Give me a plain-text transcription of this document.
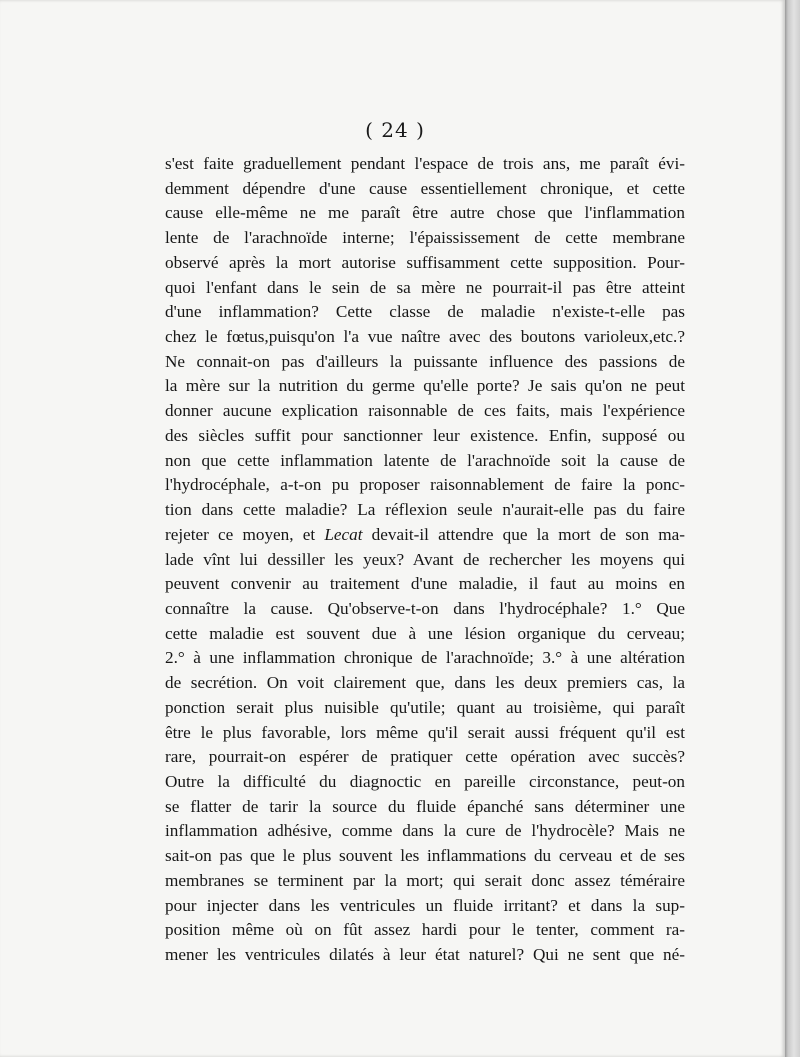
( 24 )
s'est faite graduellement pendant l'espace de trois ans, me paraît évi-
demment dépendre d'une cause essentiellement chronique, et cette
cause elle-même ne me paraît être autre chose que l'inflammation
lente de l'arachnoïde interne; l'épaississement de cette membrane
observé après la mort autorise suffisamment cette supposition. Pour-
quoi l'enfant dans le sein de sa mère ne pourrait-il pas être atteint
d'une inflammation? Cette classe de maladie n'existe-t-elle pas
chez le fœtus,puisqu'on l'a vue naître avec des boutons varioleux,etc.?
Ne connait-on pas d'ailleurs la puissante influence des passions de
la mère sur la nutrition du germe qu'elle porte? Je sais qu'on ne peut
donner aucune explication raisonnable de ces faits, mais l'expérience
des siècles suffit pour sanctionner leur existence. Enfin, supposé ou
non que cette inflammation latente de l'arachnoïde soit la cause de
l'hydrocéphale, a-t-on pu proposer raisonnablement de faire la ponc-
tion dans cette maladie? La réflexion seule n'aurait-elle pas du faire
rejeter ce moyen, et Lecat devait-il attendre que la mort de son ma-
lade vînt lui dessiller les yeux? Avant de rechercher les moyens qui
peuvent convenir au traitement d'une maladie, il faut au moins en
connaître la cause. Qu'observe-t-on dans l'hydrocéphale? 1.° Que
cette maladie est souvent due à une lésion organique du cerveau;
2.° à une inflammation chronique de l'arachnoïde; 3.° à une altération
de secrétion. On voit clairement que, dans les deux premiers cas, la
ponction serait plus nuisible qu'utile; quant au troisième, qui paraît
être le plus favorable, lors même qu'il serait aussi fréquent qu'il est
rare, pourrait-on espérer de pratiquer cette opération avec succès?
Outre la difficulté du diagnoctic en pareille circonstance, peut-on
se flatter de tarir la source du fluide épanché sans déterminer une
inflammation adhésive, comme dans la cure de l'hydrocèle? Mais ne
sait-on pas que le plus souvent les inflammations du cerveau et de ses
membranes se terminent par la mort; qui serait donc assez téméraire
pour injecter dans les ventricules un fluide irritant? et dans la sup-
position même où on fût assez hardi pour le tenter, comment ra-
mener les ventricules dilatés à leur état naturel? Qui ne sent que né-
